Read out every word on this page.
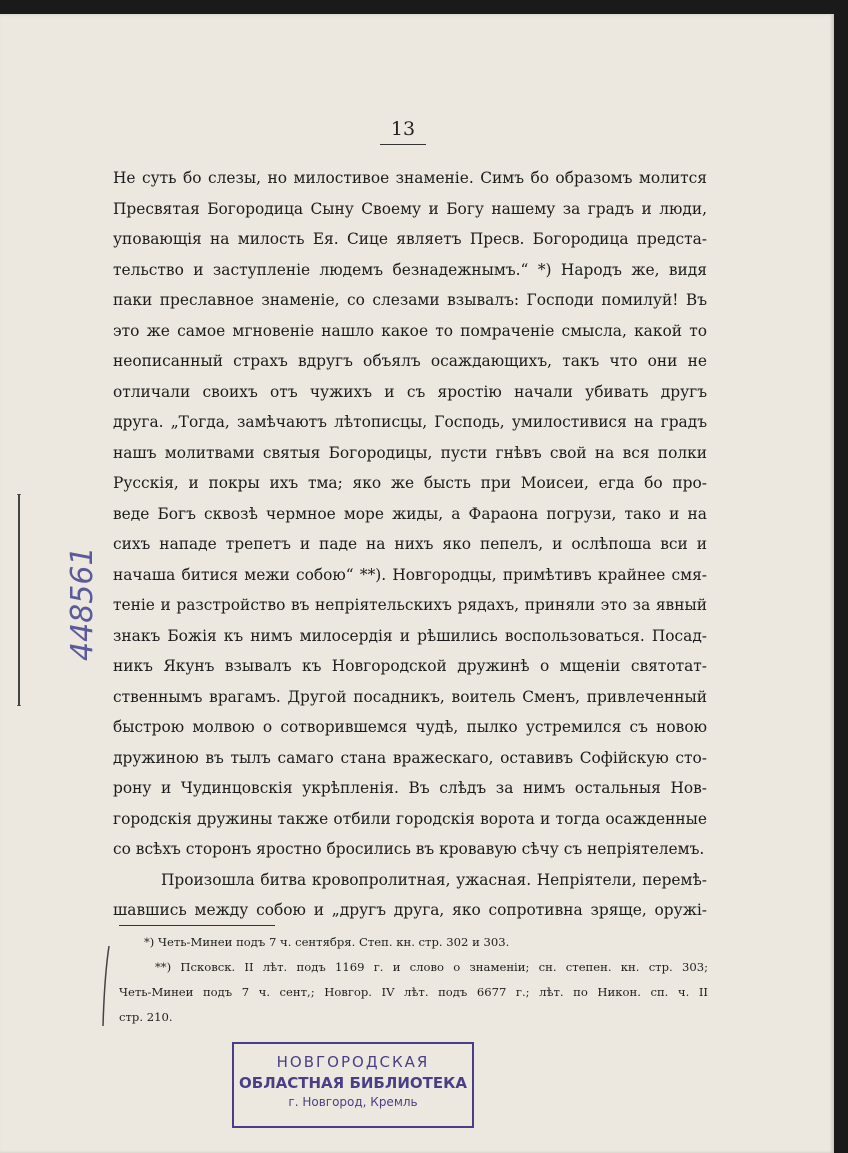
13
Не суть бо слезы, но милостивое знаменіе. Симъ бо образомъ молится
Пресвятая Богородица Сыну Своему и Богу нашему за градъ и люди,
уповающія на милость Ея. Сице являетъ Пресв. Богородица предста-
тельство и заступленіе людемъ безнадежнымъ.“ *) Народъ же, видя
паки преславное знаменіе, со слезами взывалъ: Господи помилуй! Въ
это же самое мгновеніе нашло какое то помраченіе смысла, какой то
неописанный страхъ вдругъ объялъ осаждающихъ, такъ что они не
отличали своихъ отъ чужихъ и съ яростію начали убивать другъ
друга. „Тогда, замѣчаютъ лѣтописцы, Господь, умилостивися на градъ
нашъ молитвами святыя Богородицы, пусти гнѣвъ свой на вся полки
Русскія, и покры ихъ тма; яко же бысть при Моисеи, егда бо про-
веде Богъ сквозѣ чермное море жиды, а Фараона погрузи, тако и на
сихъ нападе трепетъ и паде на нихъ яко пепелъ, и ослѣпоша вси и
начаша битися межи собою“ **). Новгородцы, примѣтивъ крайнее смя-
теніе и разстройство въ непріятельскихъ рядахъ, приняли это за явный
знакъ Божія къ нимъ милосердія и рѣшились воспользоваться. Посад-
никъ Якунъ взывалъ къ Новгородской дружинѣ о мщеніи святотат-
ственнымъ врагамъ. Другой посадникъ, воитель Сменъ, привлеченный
быстрою молвою о сотворившемся чудѣ, пылко устремился съ новою
дружиною въ тылъ самаго стана вражескаго, оставивъ Софійскую сто-
рону и Чудинцовскія укрѣпленія. Въ слѣдъ за нимъ остальныя Нов-
городскія дружины также отбили городскія ворота и тогда осажденные
со всѣхъ сторонъ яростно бросились въ кровавую сѣчу съ непріятелемъ.
Произошла битва кровопролитная, ужасная. Непріятели, перемѣ-
шавшись между собою и „другъ друга, яко сопротивна зряще, оружі-
*) Четь-Минеи подъ 7 ч. сентября. Степ. кн. стр. 302 и 303.
**) Псковск. II лѣт. подъ 1169 г. и слово о знаменіи; сн. степен. кн. стр. 303;
Четь-Минеи подъ 7 ч. сент,; Новгор. IV лѣт. подъ 6677 г.; лѣт. по Никон. сп. ч. II
стр. 210.
448561
НОВГОРОДСКАЯ
ОБЛАСТНАЯ БИБЛИОТЕКА
г. Новгород, Кремль
